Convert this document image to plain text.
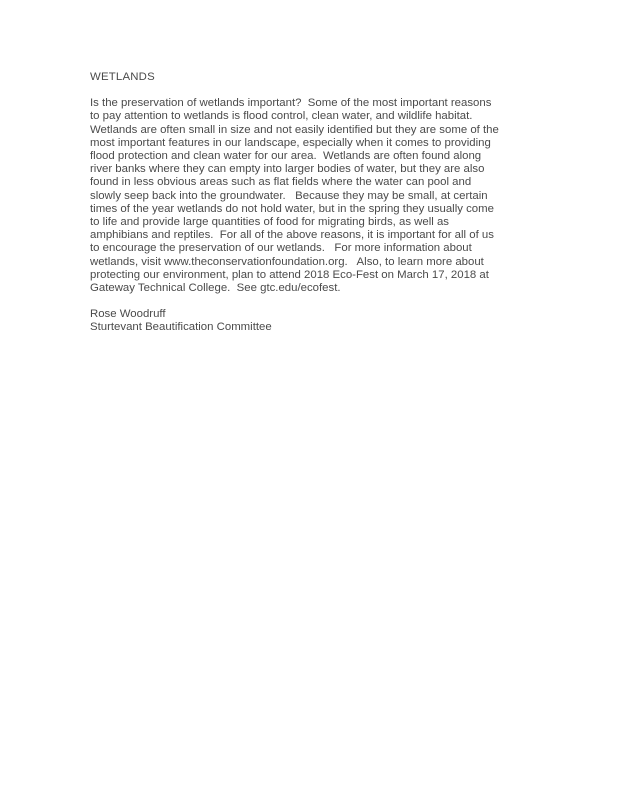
WETLANDS
Is the preservation of wetlands important?  Some of the most important reasons
to pay attention to wetlands is flood control, clean water, and wildlife habitat.
Wetlands are often small in size and not easily identified but they are some of the
most important features in our landscape, especially when it comes to providing
flood protection and clean water for our area.  Wetlands are often found along
river banks where they can empty into larger bodies of water, but they are also
found in less obvious areas such as flat fields where the water can pool and
slowly seep back into the groundwater.   Because they may be small, at certain
times of the year wetlands do not hold water, but in the spring they usually come
to life and provide large quantities of food for migrating birds, as well as
amphibians and reptiles.  For all of the above reasons, it is important for all of us
to encourage the preservation of our wetlands.   For more information about
wetlands, visit www.theconservationfoundation.org.   Also, to learn more about
protecting our environment, plan to attend 2018 Eco-Fest on March 17, 2018 at
Gateway Technical College.  See gtc.edu/ecofest.
Rose Woodruff
Sturtevant Beautification Committee
